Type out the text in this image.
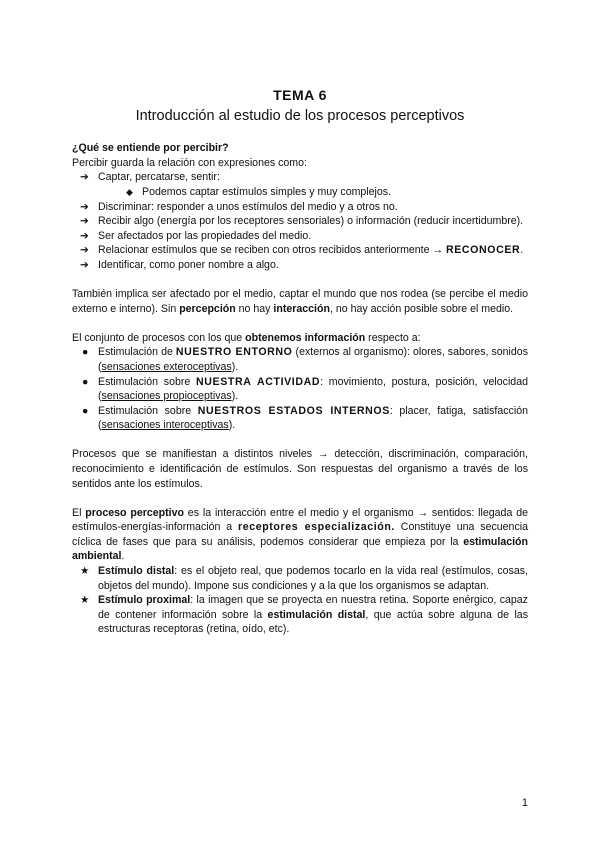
TEMA 6
Introducción al estudio de los procesos perceptivos

¿Qué se entiende por percibir?

Percibir guarda la relación con expresiones como:

➔ Captar, percatarse, sentir:
◆ Podemos captar estímulos simples y muy complejos.
➔ Discriminar: responder a unos estímulos del medio y a otros no.
➔ Recibir algo (energía por los receptores sensoriales) o información (reducir incertidumbre).
➔ Ser afectados por las propiedades del medio.
➔ Relacionar estímulos que se reciben con otros recibidos anteriormente → RECONOCER.
➔ Identificar, como poner nombre a algo.

También implica ser afectado por el medio, captar el mundo que nos rodea (se percibe el medio externo e interno). Sin percepción no hay interacción, no hay acción posible sobre el medio.

El conjunto de procesos con los que obtenemos información respecto a:

● Estimulación de NUESTRO ENTORNO (externos al organismo): olores, sabores, sonidos (sensaciones exteroceptivas).
● Estimulación sobre NUESTRA ACTIVIDAD: movimiento, postura, posición, velocidad (sensaciones propioceptivas).
● Estimulación sobre NUESTROS ESTADOS INTERNOS: placer, fatiga, satisfacción (sensaciones interoceptivas).

Procesos que se manifiestan a distintos niveles → detección, discriminación, comparación, reconocimiento e identificación de estímulos. Son respuestas del organismo a través de los sentidos ante los estímulos.

El proceso perceptivo es la interacción entre el medio y el organismo → sentidos: llegada de estímulos-energías-información a receptores especialización. Constituye una secuencia cíclica de fases que para su análisis, podemos considerar que empieza por la estimulación ambiental.

★ Estímulo distal: es el objeto real, que podemos tocarlo en la vida real (estímulos, cosas, objetos del mundo). Impone sus condiciones y a la que los organismos se adaptan.
★ Estímulo proximal: la imagen que se proyecta en nuestra retina. Soporte enérgico, capaz de contener información sobre la estimulación distal, que actúa sobre alguna de las estructuras receptoras (retina, oído, etc).
1
